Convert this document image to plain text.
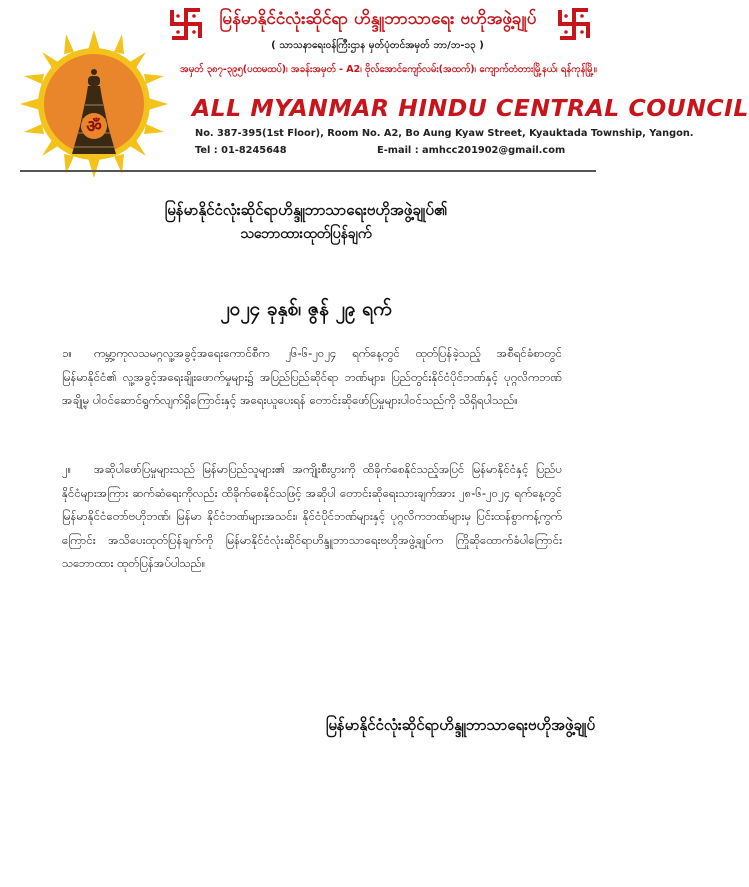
ॐ
မြန်မာနိုင်ငံလုံးဆိုင်ရာ ဟိန္ဒူဘာသာရေး ဗဟိုအဖွဲ့ချုပ်
( သာသနာရေးဝန်ကြီးဌာန မှတ်ပုံတင်အမှတ် ဘာ/ဘ-၁၃ )
အမှတ် ၃၈၇-၃၉၅(ပထမထပ်)၊ အခန်းအမှတ် - A2၊ ဗိုလ်အောင်ကျော်လမ်း(အထက်)၊ ကျောက်တံတားမြို့နယ်၊ ရန်ကုန်မြို့။
ALL MYANMAR HINDU CENTRAL COUNCIL
No. 387-395(1st Floor), Room No. A2, Bo Aung Kyaw Street, Kyauktada Township, Yangon.
Tel : 01-8245648	E-mail : amhcc201902@gmail.com
မြန်မာနိုင်ငံလုံးဆိုင်ရာဟိန္ဒူဘာသာရေးဗဟိုအဖွဲ့ချုပ်၏
သဘောထားထုတ်ပြန်ချက်
၂၀၂၄ ခုနှစ်၊ ဇွန် ၂၉ ရက်
၁။ ကမ္ဘာ့ကုလသမဂ္ဂလူ့အခွင့်အရေးကောင်စီက ၂၆-၆-၂၀၂၄ ရက်နေ့တွင် ထုတ်ပြန်ခဲ့သည့် အစီရင်ခံစာတွင် မြန်မာနိုင်ငံ၏ လူ့အခွင့်အရေးချိုးဖောက်မှုများ၌ အပြည်ပြည်ဆိုင်ရာ ဘဏ်များ၊ ပြည်တွင်းနိုင်ငံပိုင်ဘဏ်နှင့် ပုဂ္ဂလိကဘဏ်အချို့မှ ပါဝင်ဆောင်ရွက်လျက်ရှိကြောင်းနှင့် အရေးယူပေးရန် တောင်းဆိုဖော်ပြမှုများပါဝင်သည်ကို သိရှိရပါသည်။
၂။ အဆိုပါဖော်ပြမှုများသည် မြန်မာပြည်သူများ၏ အကျိုးစီးပွားကို ထိခိုက်စေနိုင်သည့်အပြင် မြန်မာနိုင်ငံနှင့် ပြည်ပနိုင်ငံများအကြား ဆက်ဆံရေးကိုလည်း ထိခိုက်စေနိုင်သဖြင့် အဆိုပါ တောင်းဆိုရေးသားချက်အား ၂၈-၆-၂၀၂၄ ရက်နေ့တွင် မြန်မာနိုင်ငံတော်ဗဟိုဘဏ်၊ မြန်မာ နိုင်ငံဘဏ်များအသင်း၊ နိုင်ငံပိုင်ဘဏ်များနှင့် ပုဂ္ဂလိကဘဏ်များမှ ပြင်းထန်စွာကန့်ကွက် ကြောင်း အသိပေးထုတ်ပြန်ချက်ကို မြန်မာနိုင်ငံလုံးဆိုင်ရာဟိန္ဒူဘာသာရေးဗဟိုအဖွဲ့ချုပ်က ကြိုဆိုထောက်ခံပါကြောင်း သဘောထား ထုတ်ပြန်အပ်ပါသည်။
မြန်မာနိုင်ငံလုံးဆိုင်ရာဟိန္ဒူဘာသာရေးဗဟိုအဖွဲ့ချုပ်
